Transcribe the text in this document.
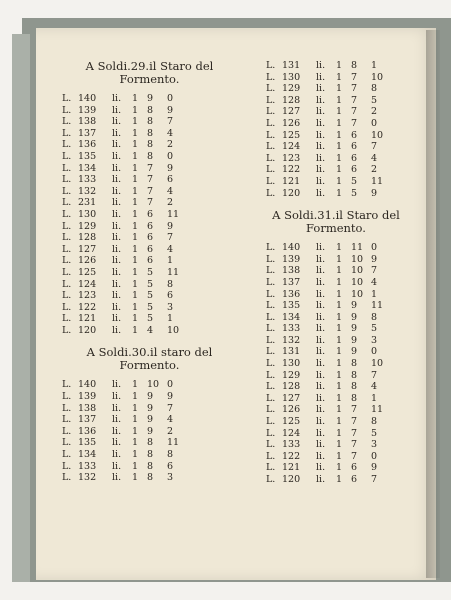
A Soldi.29.il Staro del
Formento.
L. 140 li. 1 9 0
L. 139 li. 1 8 9
L. 138 li. 1 8 7
L. 137 li. 1 8 4
L. 136 li. 1 8 2
L. 135 li. 1 8 0
L. 134 li. 1 7 9
L. 133 li. 1 7 6
L. 132 li. 1 7 4
L. 231 li. 1 7 2
L. 130 li. 1 6 11
L. 129 li. 1 6 9
L. 128 li. 1 6 7
L. 127 li. 1 6 4
L. 126 li. 1 6 1
L. 125 li. 1 5 11
L. 124 li. 1 5 8
L. 123 li. 1 5 6
L. 122 li. 1 5 3
L. 121 li. 1 5 1
L. 120 li. 1 4 10
A Soldi.30.il staro del
Formento.
L. 140 li. 1 10 0
L. 139 li. 1 9 9
L. 138 li. 1 9 7
L. 137 li. 1 9 4
L. 136 li. 1 9 2
L. 135 li. 1 8 11
L. 134 li. 1 8 8
L. 133 li. 1 8 6
L. 132 li. 1 8 3
L. 131 li. 1 8 1
L. 130 li. 1 7 10
L. 129 li. 1 7 8
L. 128 li. 1 7 5
L. 127 li. 1 7 2
L. 126 li. 1 7 0
L. 125 li. 1 6 10
L. 124 li. 1 6 7
L. 123 li. 1 6 4
L. 122 li. 1 6 2
L. 121 li. 1 5 11
L. 120 li. 1 5 9
A Soldi.31.il Staro del
Formento.
L. 140 li. 1 11 0
L. 139 li. 1 10 9
L. 138 li. 1 10 7
L. 137 li. 1 10 4
L. 136 li. 1 10 1
L. 135 li. 1 9 11
L. 134 li. 1 9 8
L. 133 li. 1 9 5
L. 132 li. 1 9 3
L. 131 li. 1 9 0
L. 130 li. 1 8 10
L. 129 li. 1 8 7
L. 128 li. 1 8 4
L. 127 li. 1 8 1
L. 126 li. 1 7 11
L. 125 li. 1 7 8
L. 124 li. 1 7 5
L. 133 li. 1 7 3
L. 122 li. 1 7 0
L. 121 li. 1 6 9
L. 120 li. 1 6 7
